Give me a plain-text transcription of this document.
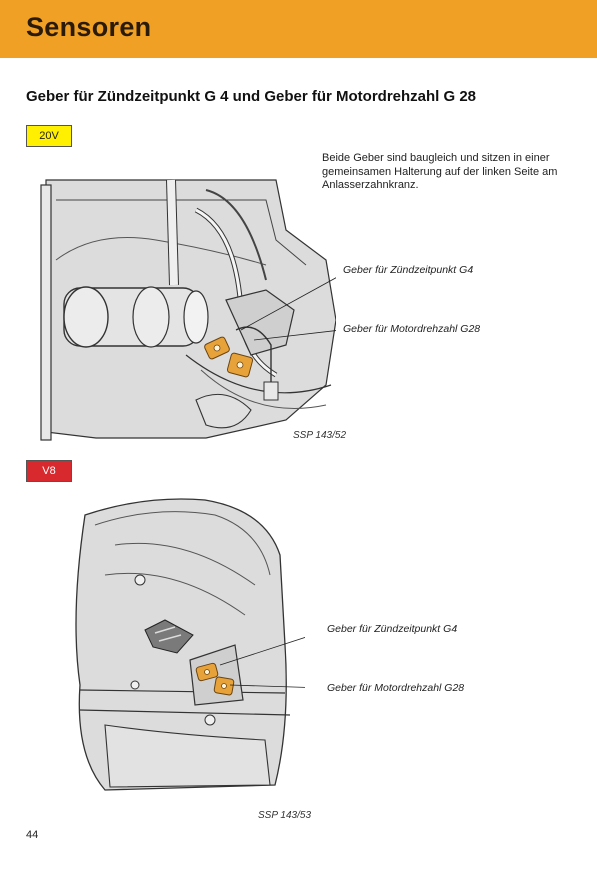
Sensoren
Geber für Zündzeitpunkt G 4 und Geber für Motordrehzahl G 28
20V
Beide Geber sind baugleich und sitzen in einer gemeinsamen Halterung auf der linken Seite am Anlasserzahnkranz.
Geber für Zündzeitpunkt G4
Geber für Motordrehzahl G28
SSP 143/52
V8
Geber für Zündzeitpunkt G4
Geber für Motordrehzahl G28
SSP 143/53
44
